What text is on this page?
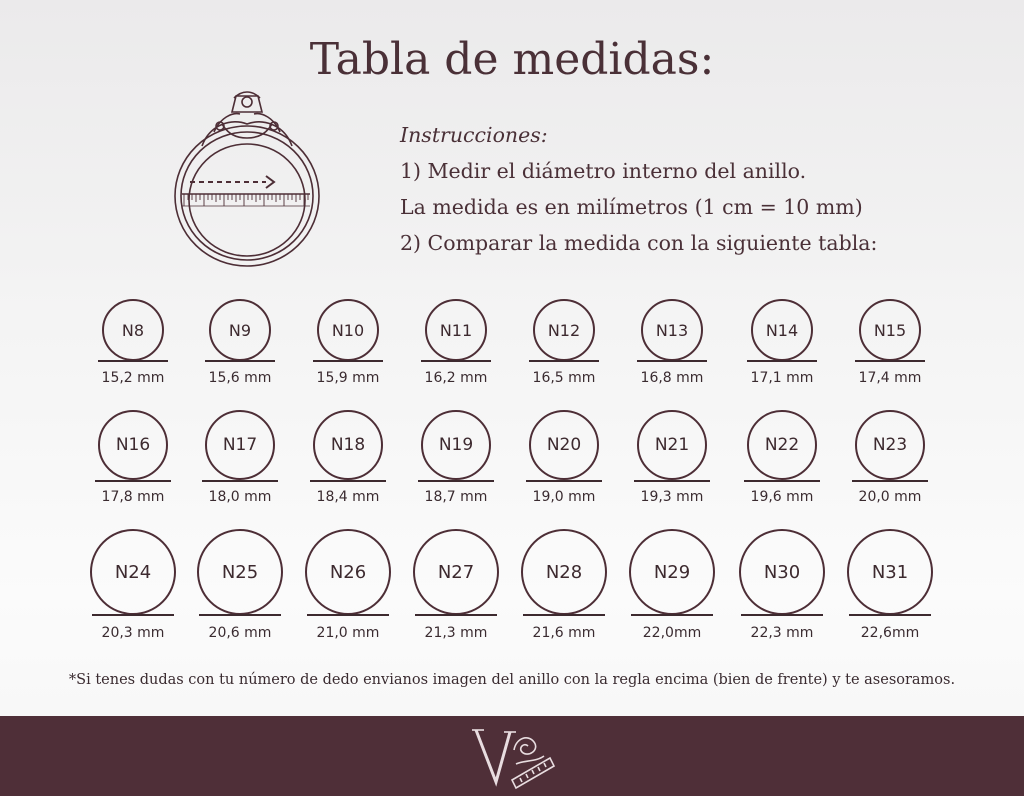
Tabla de medidas:
Instrucciones:
1) Medir el diámetro interno del anillo.
La medida es en milímetros (1 cm = 10 mm)
2) Comparar la medida con la siguiente tabla:
N8
15,2 mm
N9
15,6 mm
N10
15,9 mm
N11
16,2 mm
N12
16,5 mm
N13
16,8 mm
N14
17,1 mm
N15
17,4 mm
N16
17,8 mm
N17
18,0 mm
N18
18,4 mm
N19
18,7 mm
N20
19,0 mm
N21
19,3 mm
N22
19,6 mm
N23
20,0 mm
N24
20,3 mm
N25
20,6 mm
N26
21,0 mm
N27
21,3 mm
N28
21,6 mm
N29
22,0mm
N30
22,3 mm
N31
22,6mm
*Si tenes dudas con tu número de dedo envianos imagen del anillo con la regla encima (bien de frente) y te asesoramos.
